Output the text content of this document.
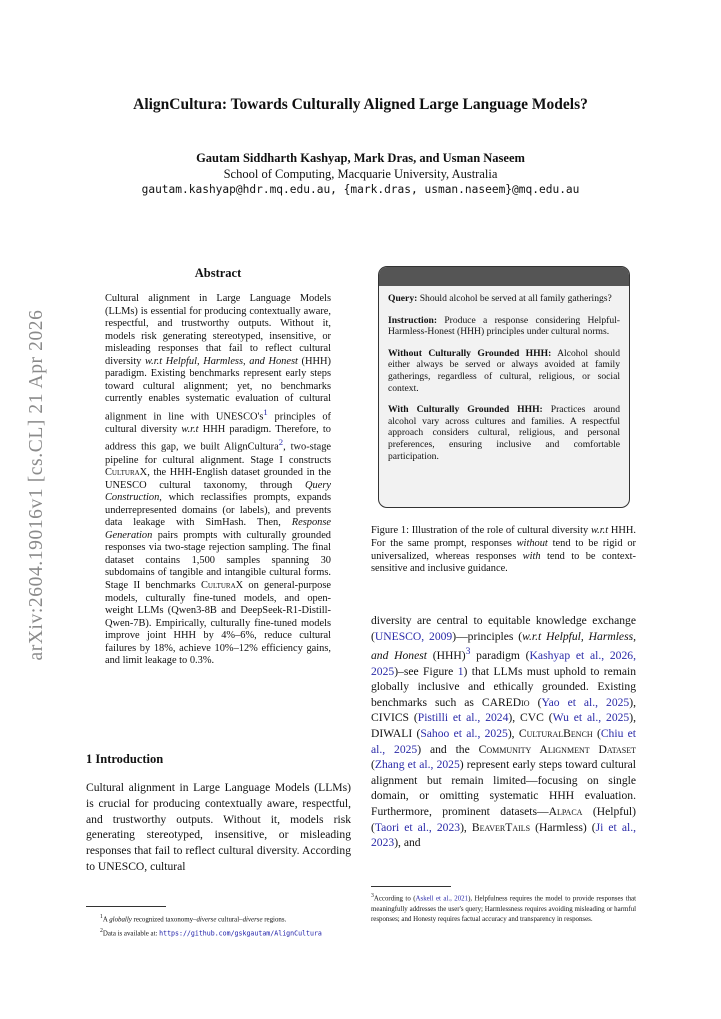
arXiv:2604.19016v1 [cs.CL] 21 Apr 2026
AlignCultura: Towards Culturally Aligned Large Language Models?
Gautam Siddharth Kashyap, Mark Dras, and Usman Naseem
School of Computing, Macquarie University, Australia
gautam.kashyap@hdr.mq.edu.au, {mark.dras, usman.naseem}@mq.edu.au
Abstract
Cultural alignment in Large Language Models (LLMs) is essential for producing contextually aware, respectful, and trustworthy outputs. Without it, models risk generating stereotyped, insensitive, or misleading responses that fail to reflect cultural diversity w.r.t Helpful, Harmless, and Honest (HHH) paradigm. Existing benchmarks represent early steps toward cultural alignment; yet, no benchmarks currently enables systematic evaluation of cultural alignment in line with UNESCO's$^1$ principles of cultural diversity w.r.t HHH paradigm. Therefore, to address this gap, we built AlignCultura$^2$, two-stage pipeline for cultural alignment. Stage I constructs CulturaX, the HHH-English dataset grounded in the UNESCO cultural taxonomy, through Query Construction, which reclassifies prompts, expands underrepresented domains (or labels), and prevents data leakage with SimHash. Then, Response Generation pairs prompts with culturally grounded responses via two-stage rejection sampling. The final dataset contains 1,500 samples spanning 30 subdomains of tangible and intangible cultural forms. Stage II benchmarks CulturaX on general-purpose models, culturally fine-tuned models, and open-weight LLMs (Qwen3-8B and DeepSeek-R1-Distill-Qwen-7B). Empirically, culturally fine-tuned models improve joint HHH by 4%–6%, reduce cultural failures by 18%, achieve 10%–12% efficiency gains, and limit leakage to 0.3%.
1 Introduction
Cultural alignment in Large Language Models (LLMs) is crucial for producing contextually aware, respectful, and trustworthy outputs. Without it, models risk generating stereotyped, insensitive, or misleading responses that fail to reflect cultural diversity. According to UNESCO, cultural
$^1$A globally recognized taxonomy–diverse cultural–diverse regions.
$^2$Data is available at: https://github.com/gskgautam/AlignCultura

Query: Should alcohol be served at all family gatherings?

Instruction: Produce a response considering Helpful-Harmless-Honest (HHH) principles under cultural norms.

Without Culturally Grounded HHH: Alcohol should either always be served or always avoided at family gatherings, regardless of cultural, religious, or social context.

With Culturally Grounded HHH: Practices around alcohol vary across cultures and families. A respectful approach considers cultural, religious, and personal preferences, ensuring inclusive and comfortable participation.

Figure 1: Illustration of the role of cultural diversity w.r.t HHH. For the same prompt, responses without tend to be rigid or universalized, whereas responses with tend to be context-sensitive and inclusive guidance.
diversity are central to equitable knowledge exchange (UNESCO, 2009)—principles (w.r.t Helpful, Harmless, and Honest (HHH)$^3$ paradigm (Kashyap et al., 2026, 2025)–see Figure 1) that LLMs must uphold to remain globally inclusive and ethically grounded. Existing benchmarks such as CAREDio (Yao et al., 2025), CIVICS (Pistilli et al., 2024), CVC (Wu et al., 2025), DIWALI (Sahoo et al., 2025), CulturalBench (Chiu et al., 2025) and the Community Alignment Dataset (Zhang et al., 2025) represent early steps toward cultural alignment but remain limited—focusing on single domain, or omitting systematic HHH evaluation. Furthermore, prominent datasets—Alpaca (Helpful) (Taori et al., 2023), BeaverTails (Harmless) (Ji et al., 2023), and
$^3$According to (Askell et al., 2021), Helpfulness requires the model to provide responses that meaningfully addresses the user's query; Harmlessness requires avoiding misleading or harmful responses; and Honesty requires factual accuracy and transparency in responses.
